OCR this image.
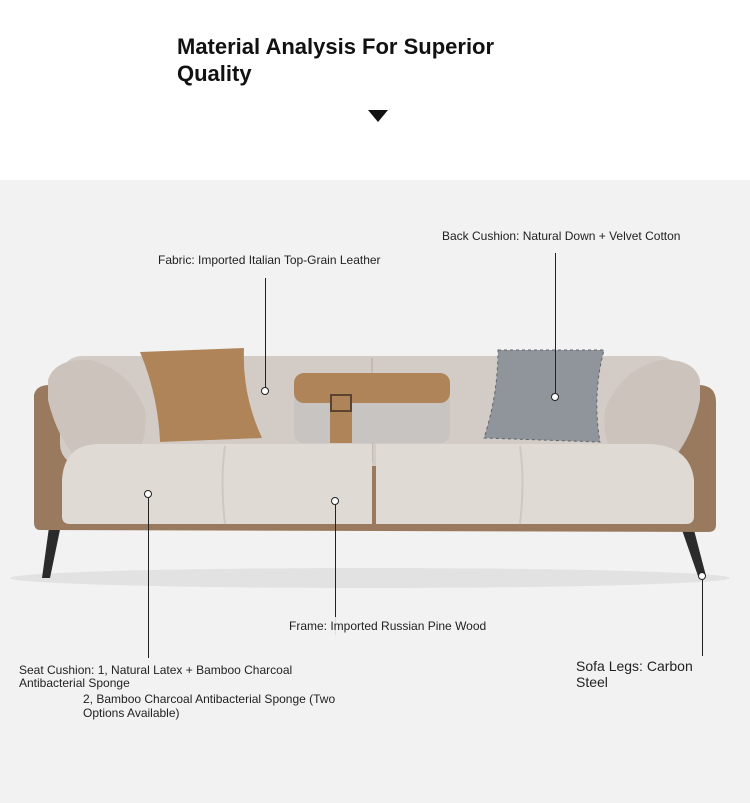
Material Analysis For Superior Quality
Fabric: Imported Italian Top-Grain Leather
Back Cushion: Natural Down + Velvet Cotton
Frame: Imported Russian Pine Wood
Seat Cushion: 1, Natural Latex + Bamboo Charcoal
Antibacterial Sponge
2, Bamboo Charcoal Antibacterial Sponge (Two
Options Available)
Sofa Legs: Carbon
Steel
